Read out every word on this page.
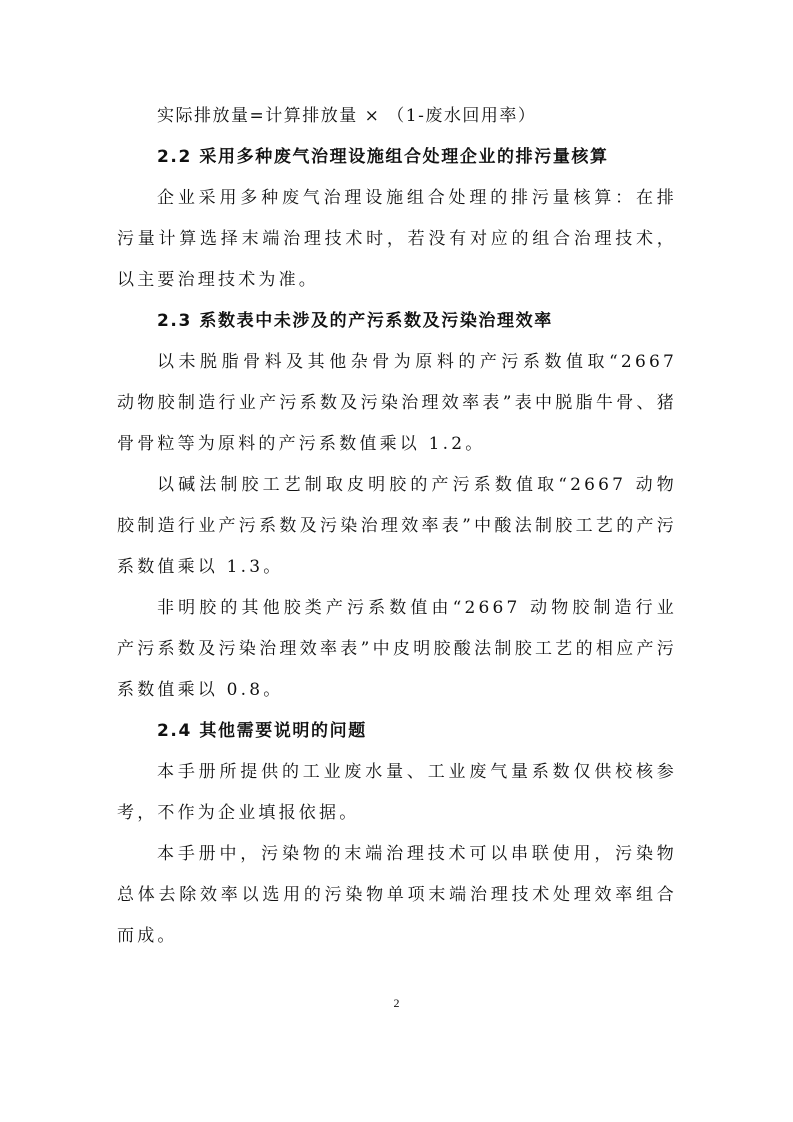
实际排放量=计算排放量 × （1-废水回用率）

2.2 采用多种废气治理设施组合处理企业的排污量核算

企业采用多种废气治理设施组合处理的排污量核算：在排污量计算选择末端治理技术时，若没有对应的组合治理技术，以主要治理技术为准。

2.3 系数表中未涉及的产污系数及污染治理效率

以未脱脂骨料及其他杂骨为原料的产污系数值取“2667 动物胶制造行业产污系数及污染治理效率表”表中脱脂牛骨、猪骨骨粒等为原料的产污系数值乘以 1.2。

以碱法制胶工艺制取皮明胶的产污系数值取“2667 动物胶制造行业产污系数及污染治理效率表”中酸法制胶工艺的产污系数值乘以 1.3。

非明胶的其他胶类产污系数值由“2667 动物胶制造行业产污系数及污染治理效率表”中皮明胶酸法制胶工艺的相应产污系数值乘以 0.8。

2.4 其他需要说明的问题

本手册所提供的工业废水量、工业废气量系数仅供校核参考，不作为企业填报依据。

本手册中，污染物的末端治理技术可以串联使用，污染物总体去除效率以选用的污染物单项末端治理技术处理效率组合而成。

2
